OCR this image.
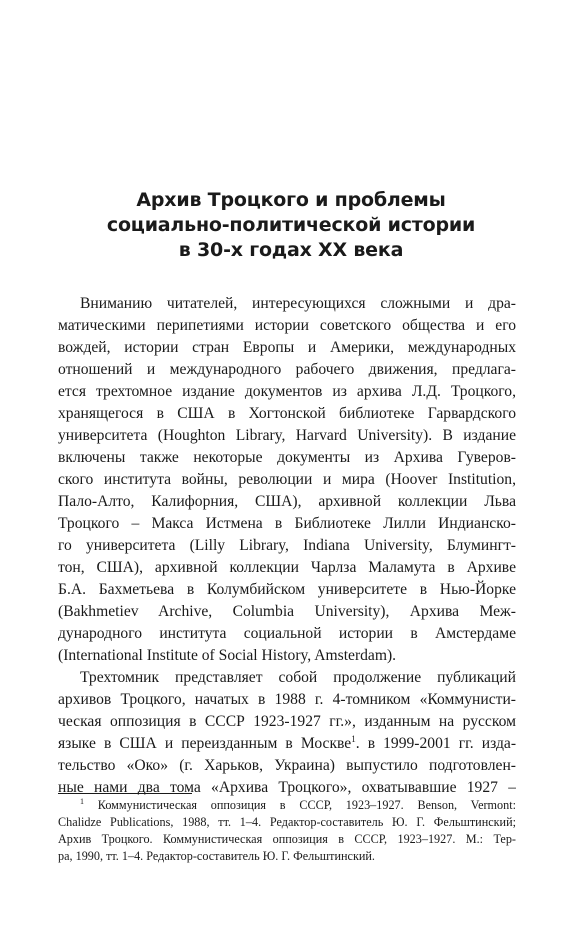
Архив Троцкого и проблемы
социально-политической истории
в 30-х годах XX века
Вниманию читателей, интересующихся сложными и дра-
матическими перипетиями истории советского общества и его
вождей, истории стран Европы и Америки, международных
отношений и международного рабочего движения, предлага-
ется трехтомное издание документов из архива Л.Д. Троцкого,
хранящегося в США в Хогтонской библиотеке Гарвардского
университета (Houghton Library, Harvard University). В издание
включены также некоторые документы из Архива Гуверов-
ского института войны, революции и мира (Hoover Institution,
Пало-Алто, Калифорния, США), архивной коллекции Льва
Троцкого – Макса Истмена в Библиотеке Лилли Индианско-
го университета (Lilly Library, Indiana University, Блумингт-
тон, США), архивной коллекции Чарлза Маламута в Архиве
Б.А. Бахметьева в Колумбийском университете в Нью-Йорке
(Bakhmetiev Archive, Columbia University), Архива Меж-
дународного института социальной истории в Амстердаме
(International Institute of Social History, Amsterdam).
Трехтомник представляет собой продолжение публикаций
архивов Троцкого, начатых в 1988 г. 4-томником «Коммунисти-
ческая оппозиция в СССР 1923-1927 гг.», изданным на русском
языке в США и переизданным в Москве$^1$. в 1999-2001 гг. изда-
тельство «Око» (г. Харьков, Украина) выпустило подготовлен-
ные нами два тома «Архива Троцкого», охватывавшие 1927 –
$^1$ Коммунистическая оппозиция в СССР, 1923–1927. Benson, Vermont:
Chalidze Publications, 1988, тт. 1–4. Редактор-составитель Ю. Г. Фельштинский;
Архив Троцкого. Коммунистическая оппозиция в СССР, 1923–1927. М.: Тер-
ра, 1990, тт. 1–4. Редактор-составитель Ю. Г. Фельштинский.
